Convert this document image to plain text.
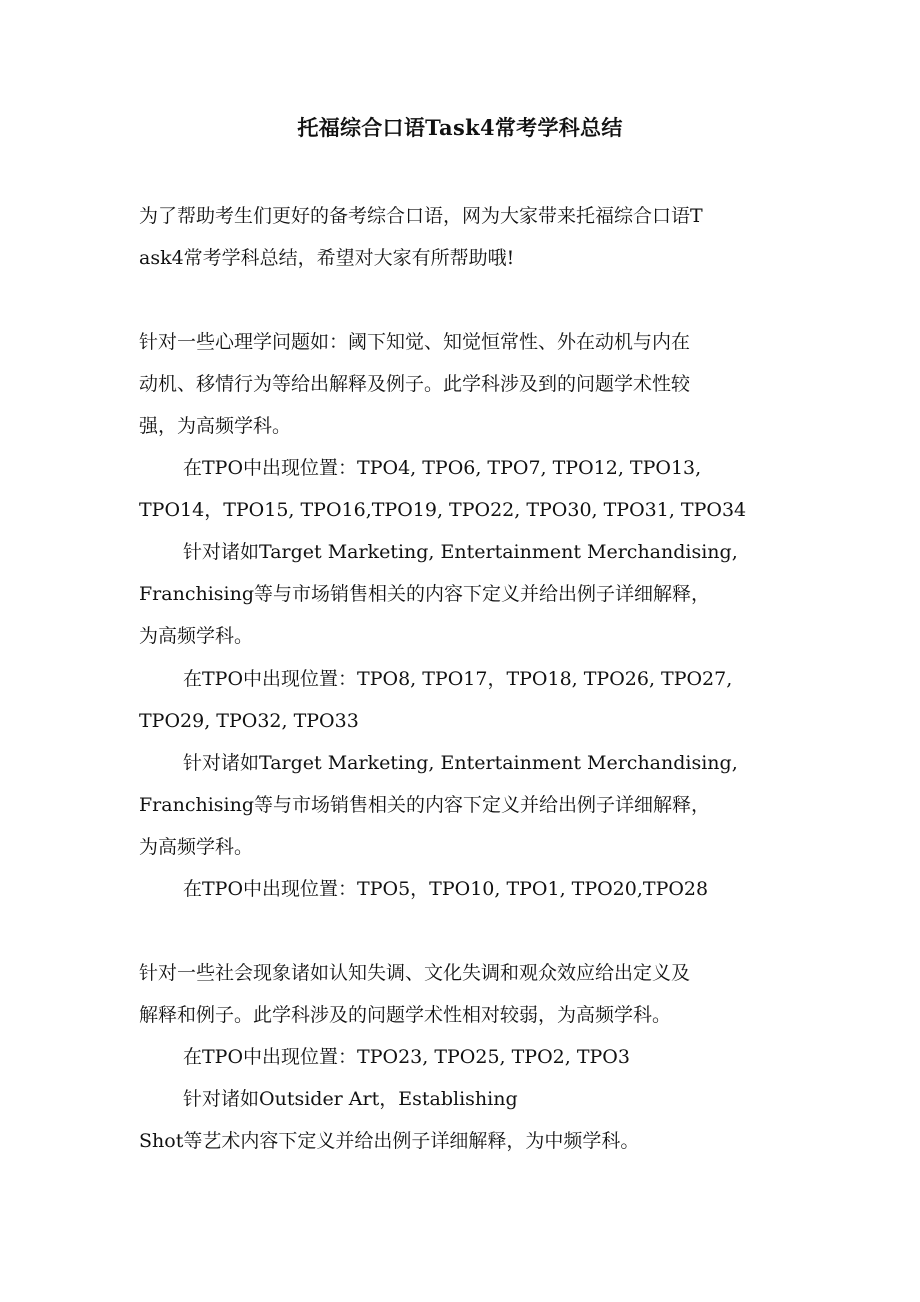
托福综合口语Task4常考学科总结
为了帮助考生们更好的备考综合口语，网为大家带来托福综合口语T
ask4常考学科总结，希望对大家有所帮助哦!
针对一些心理学问题如：阈下知觉、知觉恒常性、外在动机与内在
动机、移情行为等给出解释及例子。此学科涉及到的问题学术性较
强，为高频学科。
在TPO中出现位置：TPO4, TPO6, TPO7, TPO12, TPO13,
TPO14，TPO15, TPO16,TPO19, TPO22, TPO30, TPO31, TPO34
针对诸如Target Marketing, Entertainment Merchandising,
Franchising等与市场销售相关的内容下定义并给出例子详细解释，
为高频学科。
在TPO中出现位置：TPO8, TPO17，TPO18, TPO26, TPO27,
TPO29, TPO32, TPO33
针对诸如Target Marketing, Entertainment Merchandising,
Franchising等与市场销售相关的内容下定义并给出例子详细解释，
为高频学科。
在TPO中出现位置：TPO5，TPO10, TPO1, TPO20,TPO28
针对一些社会现象诸如认知失调、文化失调和观众效应给出定义及
解释和例子。此学科涉及的问题学术性相对较弱，为高频学科。
在TPO中出现位置：TPO23, TPO25, TPO2, TPO3
针对诸如Outsider Art，Establishing
Shot等艺术内容下定义并给出例子详细解释，为中频学科。
